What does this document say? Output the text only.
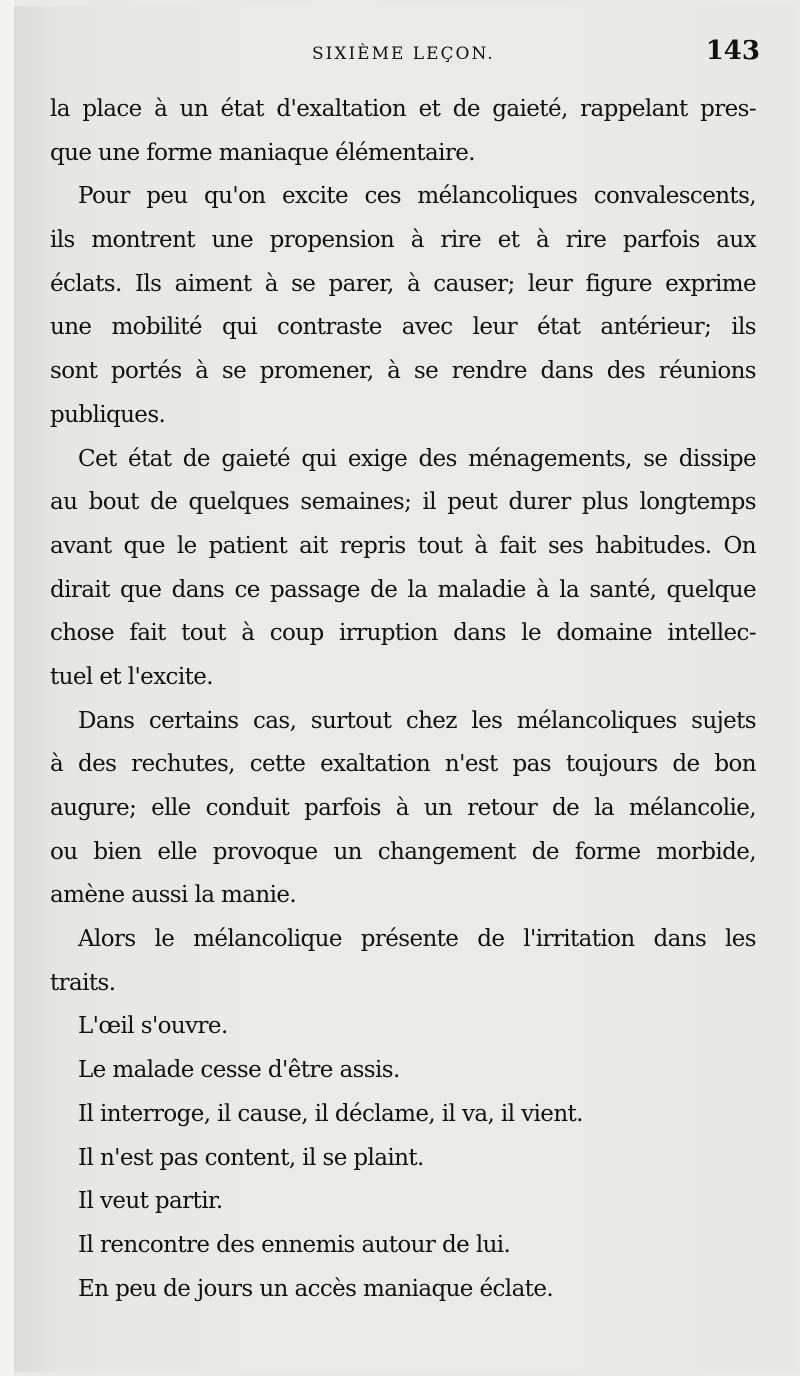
SIXIÈME LEÇON.	143
la place à un état d'exaltation et de gaieté, rappelant pres-
que une forme maniaque élémentaire.
Pour peu qu'on excite ces mélancoliques convalescents,
ils montrent une propension à rire et à rire parfois aux
éclats. Ils aiment à se parer, à causer; leur figure exprime
une mobilité qui contraste avec leur état antérieur; ils
sont portés à se promener, à se rendre dans des réunions
publiques.
Cet état de gaieté qui exige des ménagements, se dissipe
au bout de quelques semaines; il peut durer plus longtemps
avant que le patient ait repris tout à fait ses habitudes. On
dirait que dans ce passage de la maladie à la santé, quelque
chose fait tout à coup irruption dans le domaine intellec-
tuel et l'excite.
Dans certains cas, surtout chez les mélancoliques sujets
à des rechutes, cette exaltation n'est pas toujours de bon
augure; elle conduit parfois à un retour de la mélancolie,
ou bien elle provoque un changement de forme morbide,
amène aussi la manie.
Alors le mélancolique présente de l'irritation dans les
traits.
L'œil s'ouvre.
Le malade cesse d'être assis.
Il interroge, il cause, il déclame, il va, il vient.
Il n'est pas content, il se plaint.
Il veut partir.
Il rencontre des ennemis autour de lui.
En peu de jours un accès maniaque éclate.
